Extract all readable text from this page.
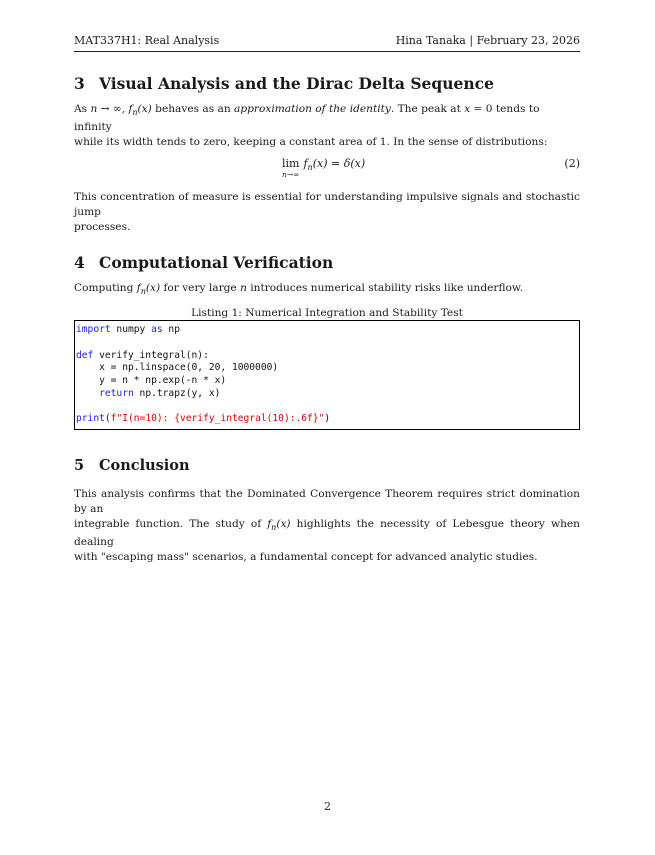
MAT337H1: Real Analysis	Hina Tanaka | February 23, 2026
3 Visual Analysis and the Dirac Delta Sequence

As n → ∞, $f_n(x)$ behaves as an approximation of the identity. The peak at x = 0 tends to infinity
while its width tends to zero, keeping a constant area of 1. In the sense of distributions:

lim
n→∞
$f_n(x) = \delta(x)$	(2)

This concentration of measure is essential for understanding impulsive signals and stochastic jump
processes.

4 Computational Verification

Computing $f_n(x)$ for very large n introduces numerical stability risks like underflow.

Listing 1: Numerical Integration and Stability Test

import numpy as np
def verify_integral(n):
x = np.linspace(0, 20, 1000000)
y = n * np.exp(-n * x)
return np.trapz(y, x)
print(f"I(n=10): {verify_integral(10):.6f}")
5 Conclusion

This analysis confirms that the Dominated Convergence Theorem requires strict domination by an
integrable function. The study of $f_n(x)$ highlights the necessity of Lebesgue theory when dealing
with "escaping mass" scenarios, a fundamental concept for advanced analytic studies.

2
